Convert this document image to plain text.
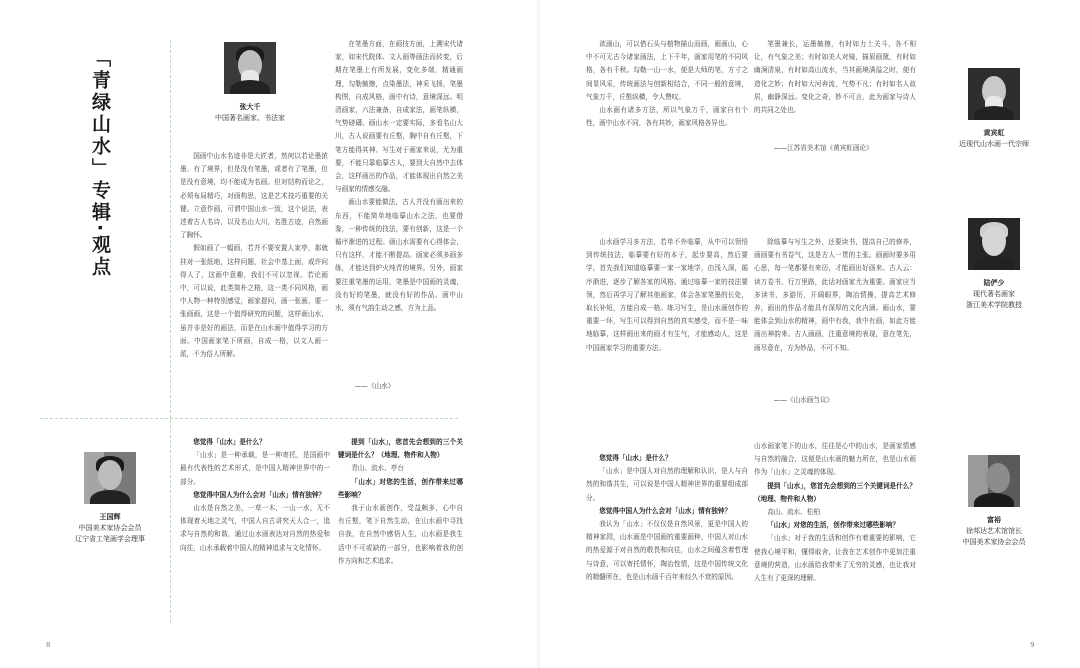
「青绿山水」专辑·观点	张大千
中国著名画家、书法家

国画中山水名迹非是大匠者，然何以若论墨浓墨、有了境界，但是没有笔墨，或者有了笔墨，但是没有意境，均不能成为名画。但对结构而论之，必须布局精巧，对画构思，这是艺术技巧重要的关键。立意作画，可谓中国山水一致，这个说法，表述着古人名诗，以及名山大川，名胜古迹，自然画了胸怀。

假如画了一幅画，若并不要安置人家亭，那就挂对一张纸地，这样问题，社会中基上面，或许问得人了，这画中意趣，我们不可以忽视。若论画中，可以说，此类简朴之格，这一类不同风格，画中人物一种特别感觉，画家提问，画一张画，要一张画画，这是一个值得研究的问题，这样画山水，虽并非是好的画法，而是在山水画中值得学习的方面。中国画家笔下所画，自成一格，以文人画一派，不为俗人所解。

在笔墨方面，在画技方面，上溯宋代诸家，如宋代院体、文人画等画法而转变，后期在笔墨上有所发展，变化多端，精通画理，勾勒皴擦，点染墨法，神采飞扬，笔墨构图，自成风格，画中有诗，意境深远。明清画家，六法兼备，自成家法，画笔纵横，气势磅礴。画山水一定要实际，多看名山大川，古人说画要有丘壑，胸中自有丘壑，下笔方能得其神。写生对于画家来说，尤为重要，不能只靠临摹古人，要到大自然中去体会，这样画出的作品，才能体现出自然之美与画家的情感交融。

画山水要能做法，古人并没有画出来的东西，不能简单地临摹山水之法，也要借鉴，一种传统的技法，要有创新，这是一个循序渐进的过程。画山水需要有心得体会，只有这样，才能不断提高。画家必须多画多练，才能达到炉火纯青的境界。另外，画家要注重笔墨的运用，笔墨是中国画的灵魂，没有好的笔墨，就没有好的作品。画中山水，须有气韵生动之感，方为上品。

——《山水》

王国辉
中国美术家协会会员
辽宁省工笔画学会理事

您觉得「山水」是什么？

「山水」是一种承载，是一种寄托，是国画中最有代表性的艺术形式，是中国人精神世界中的一部分。

您觉得中国人为什么会对「山水」情有独钟？

山水是自然之美，一草一木，一山一水，无不体现着天地之灵气，中国人自古讲究天人合一，追求与自然的和谐，通过山水画表达对自然的热爱和向往，山水承载着中国人的精神追求与文化情怀。

提到「山水」，您首先会想到的三个关键词是什么？（地理、物件和人物）

青山、流水、亭台

「山水」对您的生活，创作带来过哪些影响？

我于山水画创作，受益颇多，心中自有丘壑，笔下自然生动，在山水画中寻找自我，在自然中感悟人生，山水画是我生活中不可或缺的一部分，也影响着我的创作方向和艺术追求。

8

欲画山，可以借石头与植物描山而画，画画山，心中不可无古今诸家画法，上下千年，画家用笔的不同风格，各有千秋。勾勒一山一水，便是大师的笔，方寸之间显风采，传统画法与创新相结合，不同一般的意境，气象万千，丘壑纵横，令人赞叹。

山水画有诸多方法，所以气象万千，画家自有个性，画中山水不同，各有其妙，画家风格各异也。

笔墨兼长，运墨皴擦，有时如力士关斗，各不相让，有气象之美；有时如美人对镜，描眉画黛，有时如幽涧清泉，有时如高山流水，当其画境满溢之时，便有造化之妙；有时如大河奔流，气势不凡；有时如名人故居，幽静深远。变化之奇，妙不可言，此为画家与诗人的共同之处也。

——江苏省美术馆《黄宾虹画论》

黄宾虹
近现代山水画一代宗师

山水画学习多方法，若单不外临摹，从中可以领悟到传统技法，临摹要有好的本子，起步要高，然后要学，首先我们知道临摹要一家一家地学，由浅入深，循序渐进，逐步了解各家的风格。通过临摹一家的技法要领，然后再学习了解其他画家，体会各家笔墨的长处，取长补短，方能自成一格。练习写生，是山水画创作的重要一环，写生可以得到自然的真实感受，而不是一味地临摹，这样画出来的画才有生气，才能感动人，这是中国画家学习的重要方法。

除临摹与写生之外，还要读书，提高自己的修养，画画要有书卷气，这是古人一贯的主张。画画时要多用心思，每一笔都要有来历，才能画出好画来。古人云：读万卷书，行万里路，此话对画家尤为重要。画家应当多读书，多游历，开阔眼界，陶冶情操，提高艺术修养，画出的作品才能具有深厚的文化内涵。画山水，要能体会到山水的精神，画中有我，我中有画，如此方能画出神韵来。古人画画，注重意境的表现，意在笔先，画尽意在，方为妙品，不可不知。

——《山水画刍议》

陆俨少
现代著名画家
浙江美术学院教授

您觉得「山水」是什么？

「山水」是中国人对自然的理解和认识，是人与自然的和谐共生，可以说是中国人精神世界的重要组成部分。

您觉得中国人为什么会对「山水」情有独钟？

我认为「山水」不仅仅是自然风景，更是中国人的精神家园，山水画是中国画的重要画种，中国人对山水的热爱源于对自然的敬畏和向往，山水之间蕴含着哲理与诗意，可以寄托情怀，陶冶性情，这是中国传统文化的精髓所在，也是山水画千百年来经久不衰的原因。

山水画家笔下的山水，往往是心中的山水，是画家情感与自然的融合，这便是山水画的魅力所在，也是山水画作为「山水」之灵魂的体现。

提到「山水」，您首先会想到的三个关键词是什么？（地理、物件和人物）

高山、流水、松柏

「山水」对您的生活，创作带来过哪些影响？

「山水」对于我的生活和创作有着重要的影响，它使我心境平和，懂得取舍，让我在艺术创作中更加注重意境的营造，山水画给我带来了无穷的灵感，也让我对人生有了更深的理解。

富裕
徐邦达艺术馆馆长
中国美术家协会会员
9
